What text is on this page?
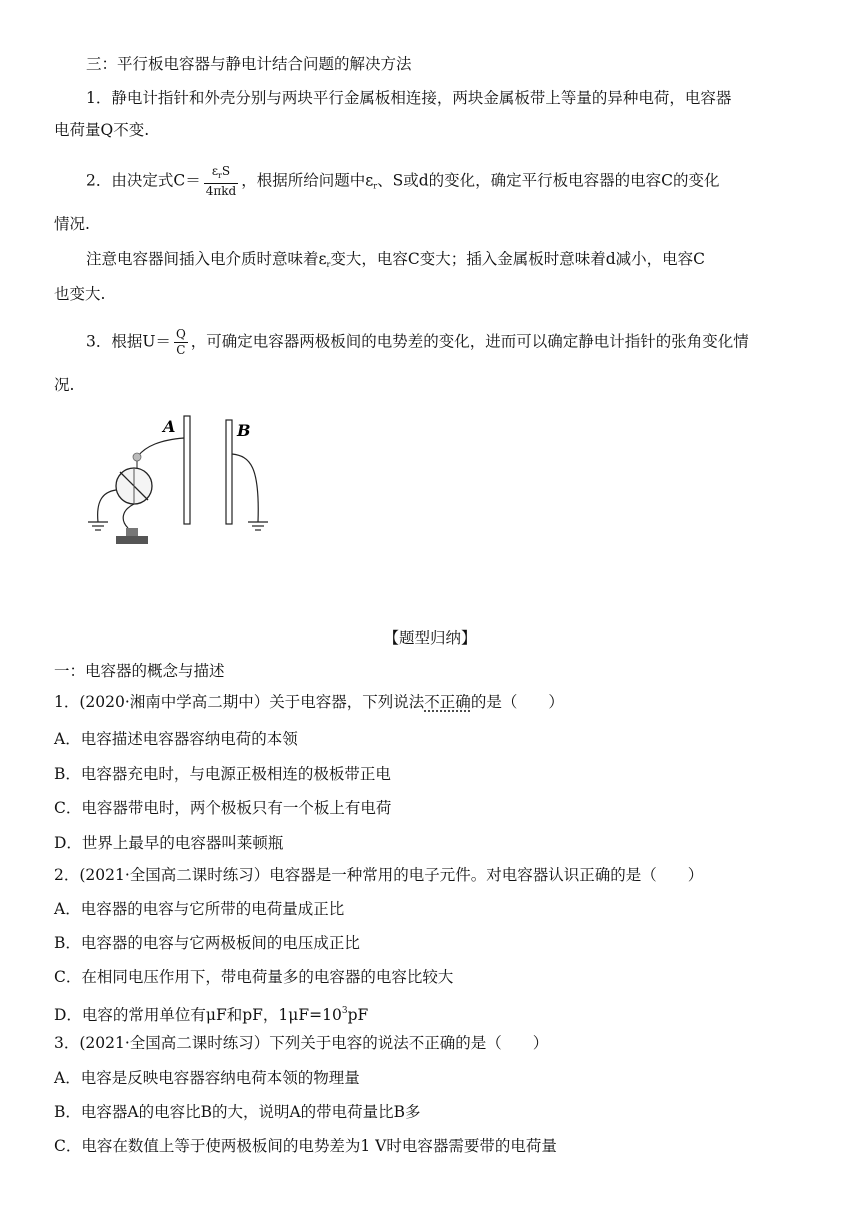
三：平行板电容器与静电计结合问题的解决方法
1．静电计指针和外壳分别与两块平行金属板相连接，两块金属板带上等量的异种电荷，电容器
电荷量Q不变.
2．由决定式$C= \frac{\varepsilon_rS}{\text{4πkd}}$ ，根据所给问题中$\varepsilon_r$、S或d的变化，确定平行板电容器的电容C的变化
情况.
注意电容器间插入电介质时意味着$\varepsilon_r$变大，电容C变大；插入金属板时意味着d减小，电容C
也变大.
3．根据$U= \frac{Q}{C}$ ，可确定电容器两极板间的电势差的变化，进而可以确定静电计指针的张角变化情
况.
A	B
【题型归纳】
一：电容器的概念与描述
1．(2020·湘南中学高二期中）关于电容器，下列说法不正确的是（　　）
A．电容描述电容器容纳电荷的本领
B．电容器充电时，与电源正极相连的极板带正电
C．电容器带电时，两个极板只有一个板上有电荷
D．世界上最早的电容器叫莱顿瓶
2．(2021·全国高二课时练习）电容器是一种常用的电子元件。对电容器认识正确的是（　　）
A．电容器的电容与它所带的电荷量成正比
B．电容器的电容与它两极板间的电压成正比
C．在相同电压作用下，带电荷量多的电容器的电容比较大
D．电容的常用单位有μF和pF，$1\mu F=10^3pF$
3．(2021·全国高二课时练习）下列关于电容的说法不正确的是（　　）
A．电容是反映电容器容纳电荷本领的物理量
B．电容器A的电容比B的大，说明A的带电荷量比B多
C．电容在数值上等于使两极板间的电势差为1 V时电容器需要带的电荷量
